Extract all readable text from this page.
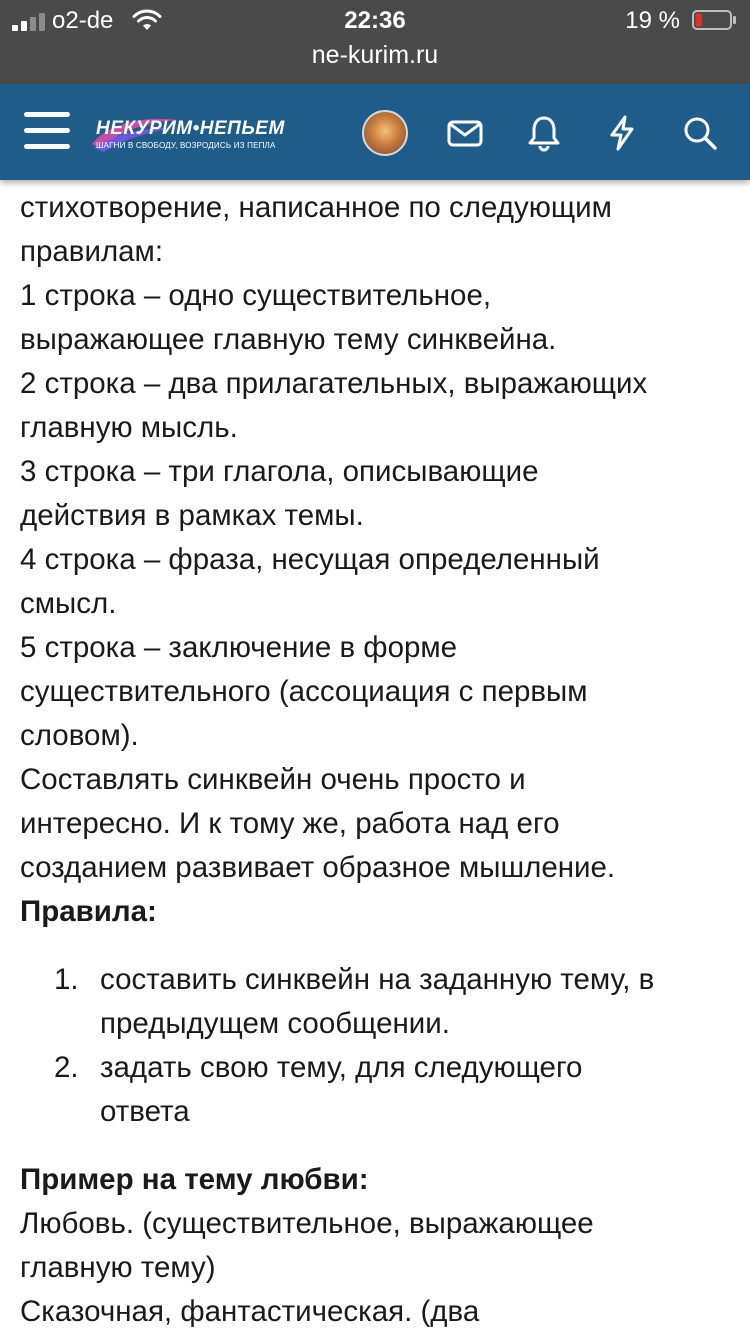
o2-de	22:36	19 %
ne-kurim.ru
НЕКУРИМ•НЕПЬЕМ
ШАГНИ В СВОБОДУ, ВОЗРОДИСЬ ИЗ ПЕПЛА

стихотворение, написанное по следующим

правилам:

1 строка – одно существительное,

выражающее главную тему синквейна.

2 строка – два прилагательных, выражающих

главную мысль.

3 строка – три глагола, описывающие

действия в рамках темы.

4 строка – фраза, несущая определенный

смысл.

5 строка – заключение в форме

существительного (ассоциация с первым

словом).

Составлять синквейн очень просто и

интересно. И к тому же, работа над его

созданием развивает образное мышление.

Правила:

1. составить синквейн на заданную тему, в
предыдущем сообщении.
2. задать свою тему, для следующего
ответа

Пример на тему любви:

Любовь. (существительное, выражающее

главную тему)

Сказочная, фантастическая. (два
